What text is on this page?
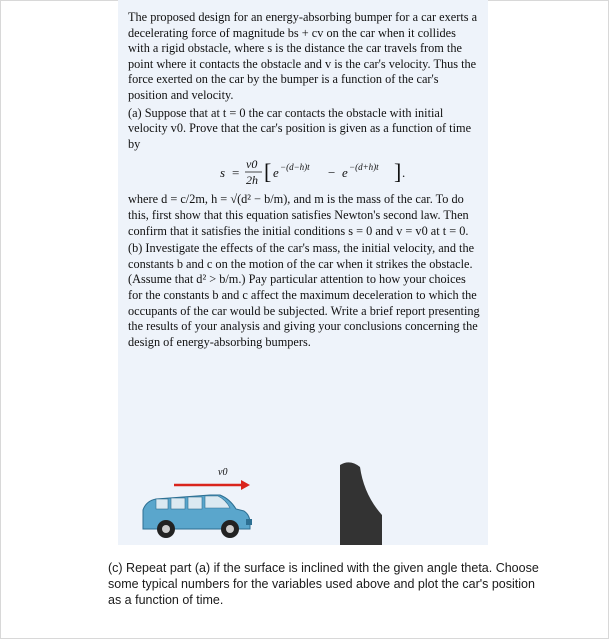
The proposed design for an energy-absorbing bumper for a car exerts a decelerating force of magnitude bs + cv on the car when it collides with a rigid obstacle, where s is the distance the car travels from the point where it contacts the obstacle and v is the car's velocity. Thus the force exerted on the car by the bumper is a function of the car's position and velocity.

(a) Suppose that at t = 0 the car contacts the obstacle with initial velocity v0. Prove that the car's position is given as a function of time by

s =
v0
2h [ e −(d−h)t − e −(d+h)t ] .

where d = c/2m, h = √(d² − b/m), and m is the mass of the car. To do this, first show that this equation satisfies Newton's second law. Then confirm that it satisfies the initial conditions s = 0 and v = v0 at t = 0.

(b) Investigate the effects of the car's mass, the initial velocity, and the constants b and c on the motion of the car when it strikes the obstacle. (Assume that d² > b/m.) Pay particular attention to how your choices for the constants b and c affect the maximum deceleration to which the occupants of the car would be subjected. Write a brief report presenting the results of your analysis and giving your conclusions concerning the design of energy-absorbing bumpers.

v0

(c) Repeat part (a) if the surface is inclined with the given angle theta. Choose some typical numbers for the variables used above and plot the car's position as a function of time.
